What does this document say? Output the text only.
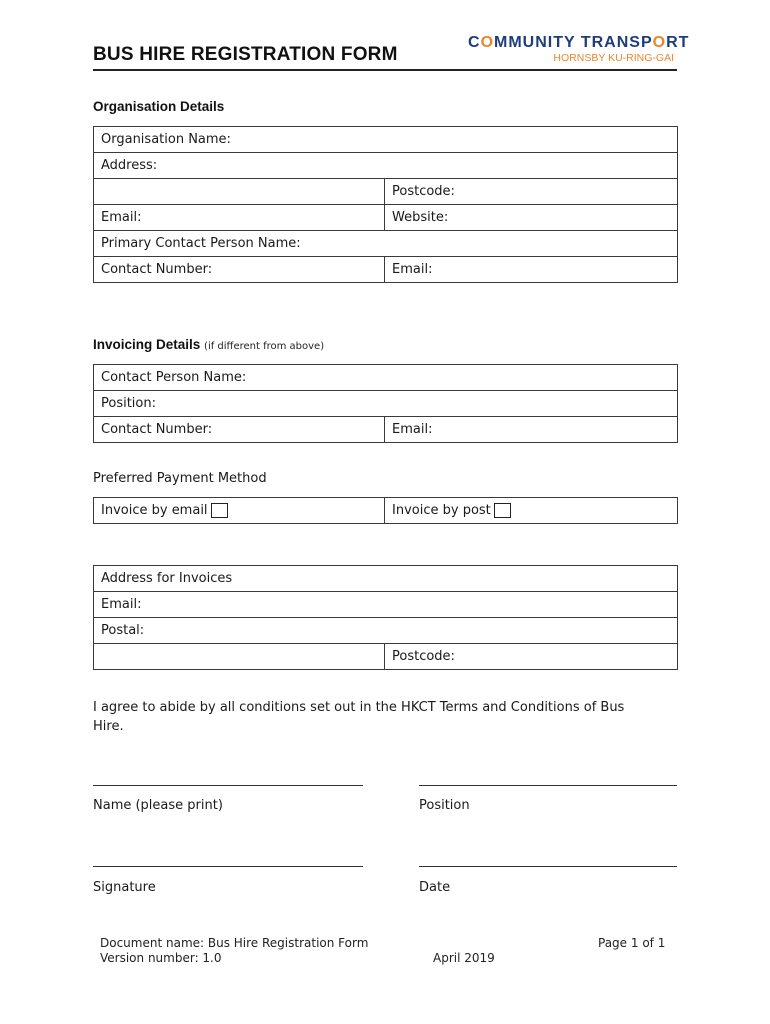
BUS HIRE REGISTRATION FORM
COMMUNITY TRANSPORT
HORNSBY KU-RING-GAI
Organisation Details
Organisation Name:	
Address:	
	Postcode:
Email:	Website:
Primary Contact Person Name:	
Contact Number:	Email:
Invoicing Details (if different from above)
Contact Person Name:
Position:
Contact Number:	Email:
Preferred Payment Method
Invoice by email	Invoice by post
Address for Invoices
Email:
Postal:
	Postcode:
I agree to abide by all conditions set out in the HKCT Terms and Conditions of Bus
Hire.
Name (please print)	Position
Signature	Date
Document name: Bus Hire Registration Form
Version number: 1.0	April 2019
Page 1 of 1
